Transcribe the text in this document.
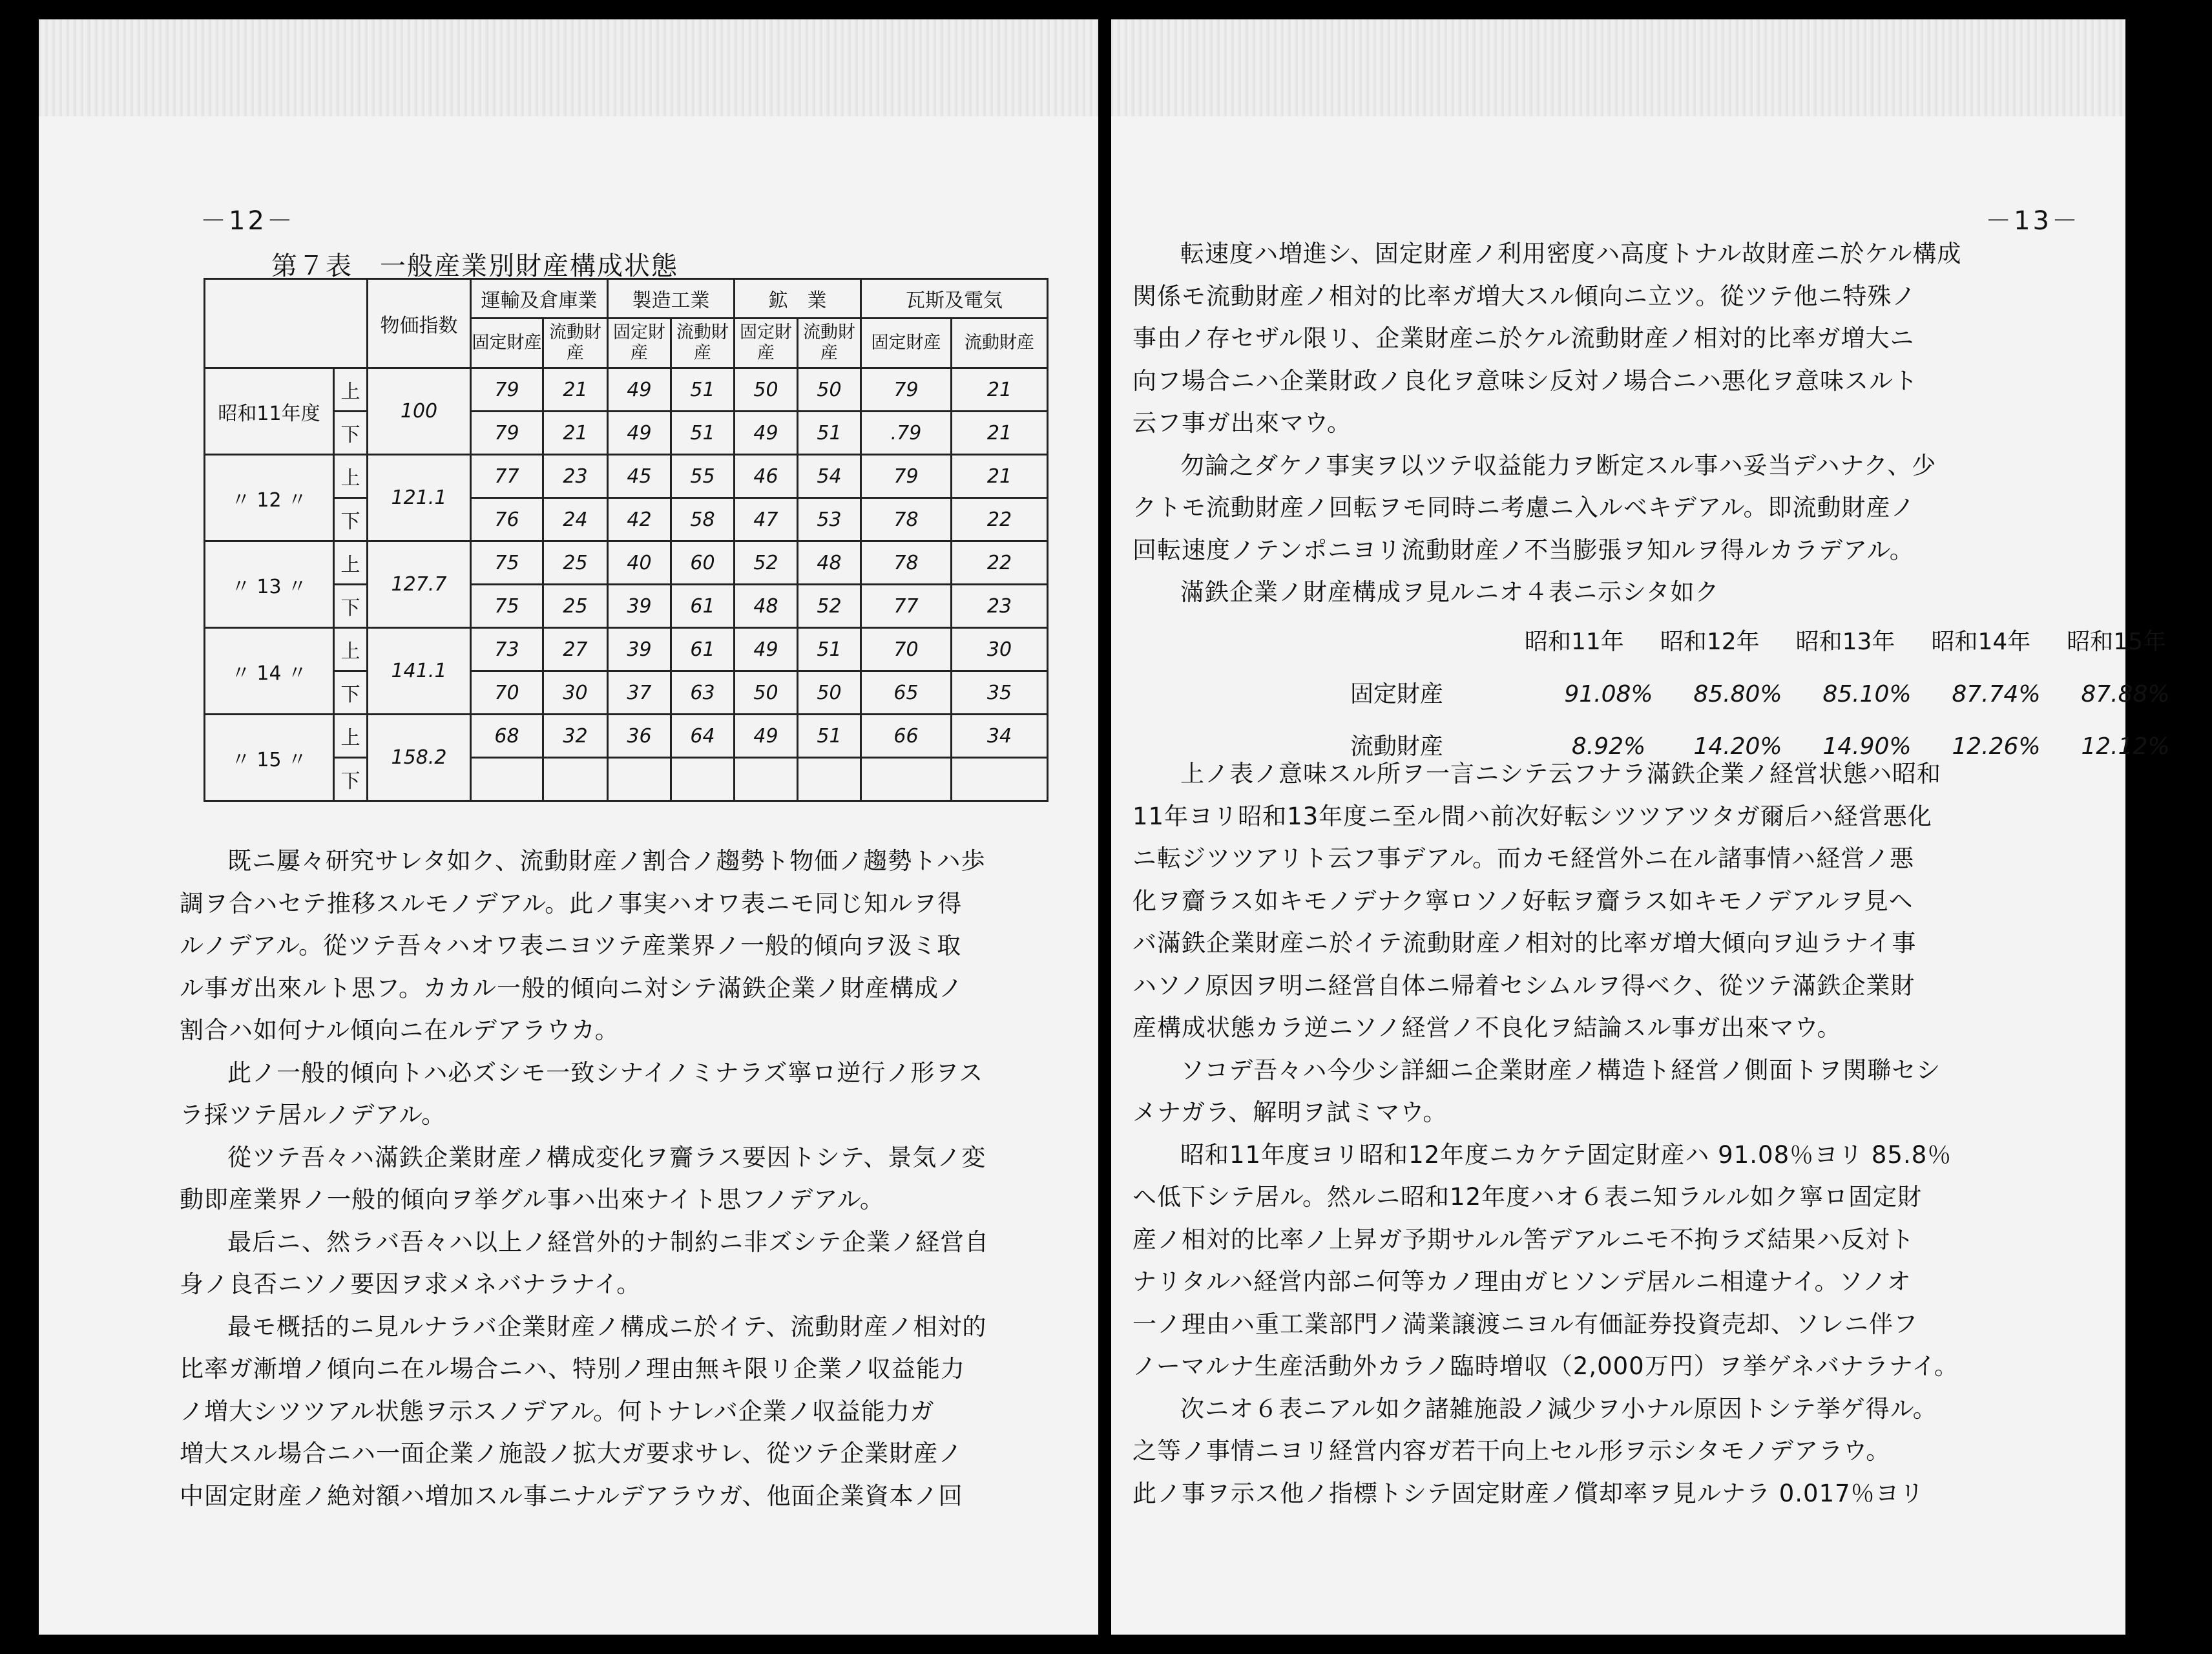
－12－
第７表　一般産業別財産構成状態
		物価指数	運輸及倉庫業		製造工業		鉱　業		瓦斯及電気	
			固定財産	流動財産	固定財産	流動財産	固定財産	流動財産	固定財産	流動財産
昭和11年度	上	100	79	21	49	51	50	50	79	21
	下		79	21	49	51	49	51	.79	21
〃 12 〃	上	121.1	77	23	45	55	46	54	79	21
	下		76	24	42	58	47	53	78	22
〃 13 〃	上	127.7	75	25	40	60	52	48	78	22
	下		75	25	39	61	48	52	77	23
〃 14 〃	上	141.1	73	27	39	61	49	51	70	30
	下		70	30	37	63	50	50	65	35
〃 15 〃	上	158.2	68	32	36	64	49	51	66	34
	下									
既ニ屢々研究サレタ如ク、流動財産ノ割合ノ趨勢ト物価ノ趨勢トハ歩
調ヲ合ハセテ推移スルモノデアル。此ノ事実ハオワ表ニモ同じ知ルヲ得
ルノデアル。從ツテ吾々ハオワ表ニヨツテ産業界ノ一般的傾向ヲ汲ミ取
ル事ガ出來ルト思フ。カカル一般的傾向ニ対シテ滿鉄企業ノ財産構成ノ
割合ハ如何ナル傾向ニ在ルデアラウカ。
此ノ一般的傾向トハ必ズシモ一致シナイノミナラズ寧ロ逆行ノ形ヲス
ラ採ツテ居ルノデアル。
從ツテ吾々ハ滿鉄企業財産ノ構成変化ヲ齎ラス要因トシテ、景気ノ変
動即産業界ノ一般的傾向ヲ挙グル事ハ出來ナイト思フノデアル。
最后ニ、然ラバ吾々ハ以上ノ経営外的ナ制約ニ非ズシテ企業ノ経営自
身ノ良否ニソノ要因ヲ求メネバナラナイ。
最モ概括的ニ見ルナラバ企業財産ノ構成ニ於イテ、流動財産ノ相対的
比率ガ漸増ノ傾向ニ在ル場合ニハ、特別ノ理由無キ限リ企業ノ収益能力
ノ増大シツツアル状態ヲ示スノデアル。何トナレバ企業ノ収益能力ガ
増大スル場合ニハ一面企業ノ施設ノ拡大ガ要求サレ、從ツテ企業財産ノ
中固定財産ノ絶対額ハ増加スル事ニナルデアラウガ、他面企業資本ノ回
－13－
転速度ハ増進シ、固定財産ノ利用密度ハ高度トナル故財産ニ於ケル構成
関係モ流動財産ノ相対的比率ガ増大スル傾向ニ立ツ。從ツテ他ニ特殊ノ
事由ノ存セザル限リ、企業財産ニ於ケル流動財産ノ相対的比率ガ増大ニ
向フ場合ニハ企業財政ノ良化ヲ意味シ反対ノ場合ニハ悪化ヲ意味スルト
云フ事ガ出來マウ。
勿論之ダケノ事実ヲ以ツテ収益能力ヲ断定スル事ハ妥当デハナク、少
クトモ流動財産ノ回転ヲモ同時ニ考慮ニ入ルベキデアル。即流動財産ノ
回転速度ノテンポニヨリ流動財産ノ不当膨張ヲ知ルヲ得ルカラデアル。
滿鉄企業ノ財産構成ヲ見ルニオ４表ニ示シタ如ク
昭和11年 昭和12年 昭和13年 昭和14年 昭和15年
固定財産	91.08%	85.80%	85.10%	87.74%	87.88%
流動財産	8.92%	14.20%	14.90%	12.26%	12.12%
上ノ表ノ意味スル所ヲ一言ニシテ云フナラ滿鉄企業ノ経営状態ハ昭和
11年ヨリ昭和13年度ニ至ル間ハ前次好転シツツアツタガ爾后ハ経営悪化
ニ転ジツツアリト云フ事デアル。而カモ経営外ニ在ル諸事情ハ経営ノ悪
化ヲ齎ラス如キモノデナク寧ロソノ好転ヲ齎ラス如キモノデアルヲ見ヘ
バ滿鉄企業財産ニ於イテ流動財産ノ相対的比率ガ増大傾向ヲ辿ラナイ事
ハソノ原因ヲ明ニ経営自体ニ帰着セシムルヲ得ベク、從ツテ滿鉄企業財
産構成状態カラ逆ニソノ経営ノ不良化ヲ結論スル事ガ出來マウ。
ソコデ吾々ハ今少シ詳細ニ企業財産ノ構造ト経営ノ側面トヲ関聯セシ
メナガラ、解明ヲ試ミマウ。
昭和11年度ヨリ昭和12年度ニカケテ固定財産ハ 91.08％ヨリ 85.8％
ヘ低下シテ居ル。然ルニ昭和12年度ハオ６表ニ知ラルル如ク寧ロ固定財
産ノ相対的比率ノ上昇ガ予期サルル筈デアルニモ不拘ラズ結果ハ反対ト
ナリタルハ経営内部ニ何等カノ理由ガヒソンデ居ルニ相違ナイ。ソノオ
一ノ理由ハ重工業部門ノ満業譲渡ニヨル有価証券投資売却、ソレニ伴フ
ノーマルナ生産活動外カラノ臨時増収（2,000万円）ヲ挙ゲネバナラナイ。
次ニオ６表ニアル如ク諸雑施設ノ減少ヲ小ナル原因トシテ挙ゲ得ル。
之等ノ事情ニヨリ経営内容ガ若干向上セル形ヲ示シタモノデアラウ。
此ノ事ヲ示ス他ノ指標トシテ固定財産ノ償却率ヲ見ルナラ 0.017％ヨリ
